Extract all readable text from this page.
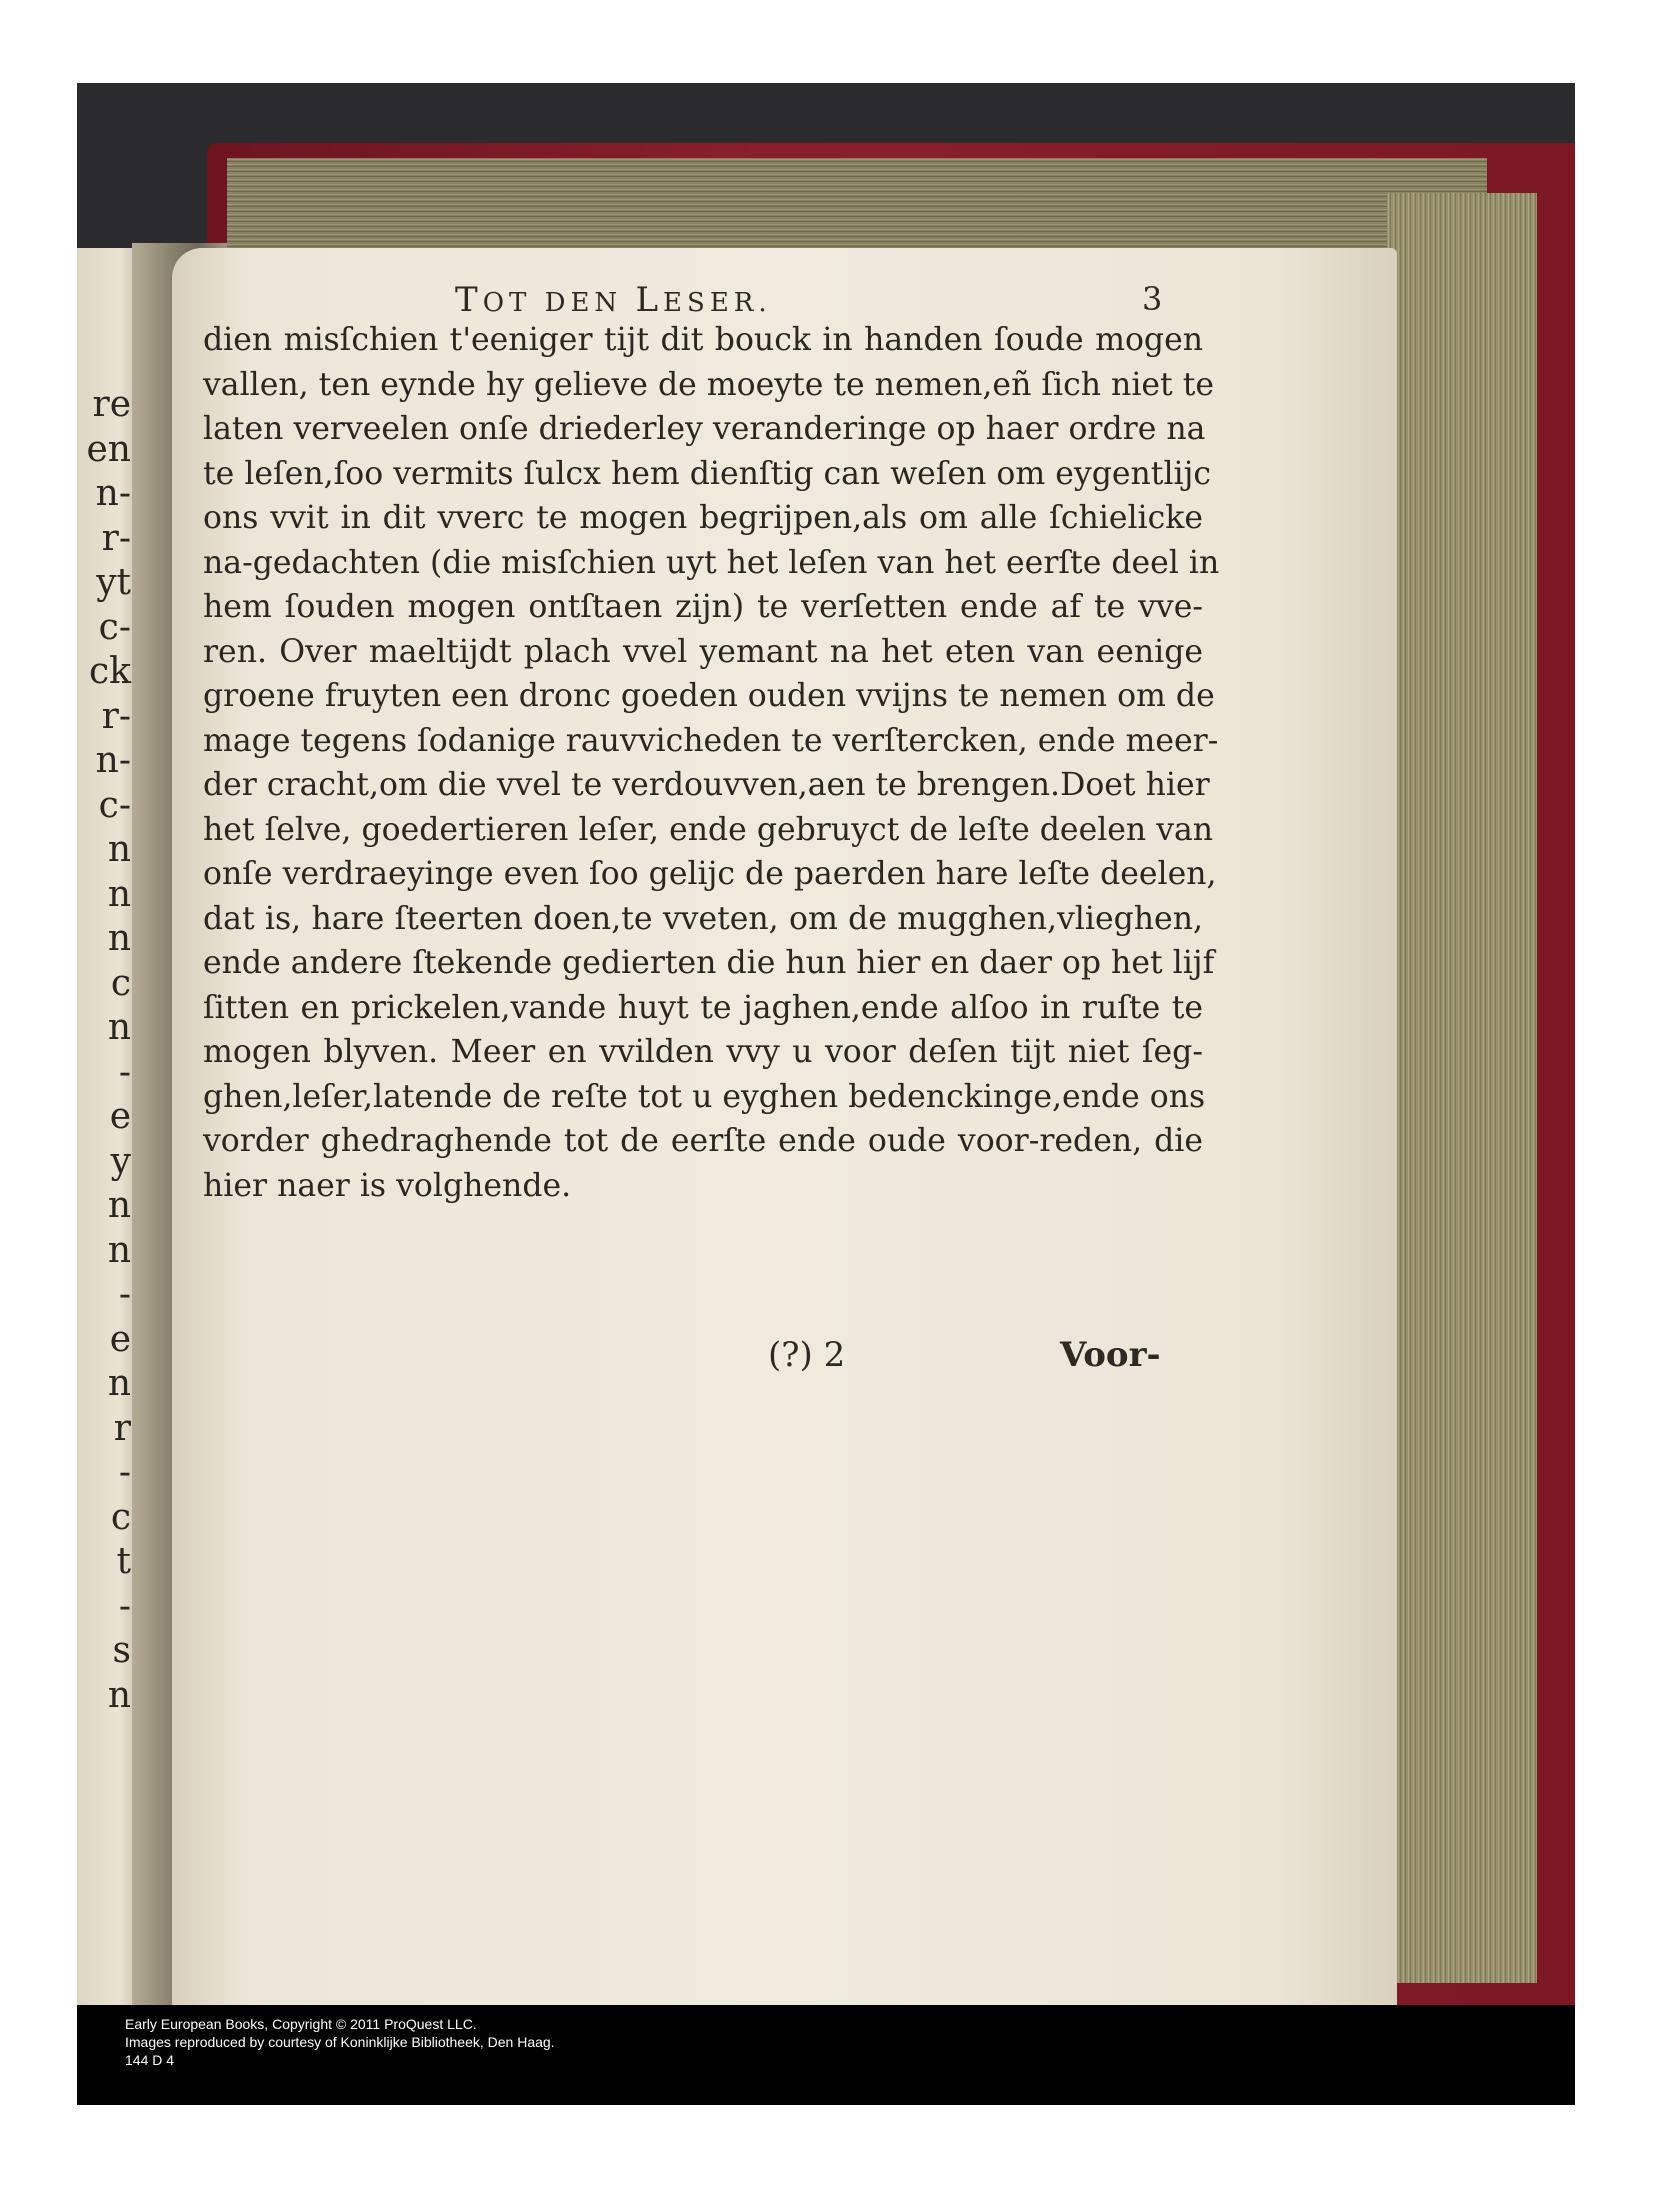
re
en
n-
r-
yt
c-
ck
r-
n-
c-
n
n
n
c
n
-
e
y
n
n
-
e
n
r
-
c
t
-
s
n
TOT DEN LESER.	3
dien misſchien t'eeniger tijt dit bouck in handen ſoude mogen
vallen, ten eynde hy gelieve de moeyte te nemen,eñ ſich niet te
laten verveelen onſe driederley veranderinge op haer ordre na
te leſen,ſoo vermits ſulcx hem dienſtig can weſen om eygentlijc
ons vvit in dit vverc te mogen begrijpen,als om alle ſchielicke
na-gedachten (die misſchien uyt het leſen van het eerſte deel in
hem ſouden mogen ontſtaen zijn) te verſetten ende af te vve-
ren. Over maeltijdt plach vvel yemant na het eten van eenige
groene fruyten een dronc goeden ouden vvijns te nemen om de
mage tegens ſodanige rauvvicheden te verſtercken, ende meer-
der cracht,om die vvel te verdouvven,aen te brengen.Doet hier
het ſelve, goedertieren leſer, ende gebruyct de leſte deelen van
onſe verdraeyinge even ſoo gelijc de paerden hare leſte deelen,
dat is, hare ſteerten doen,te vveten, om de mugghen,vlieghen,
ende andere ſtekende gedierten die hun hier en daer op het lijf
ſitten en prickelen,vande huyt te jaghen,ende alſoo in ruſte te
mogen blyven. Meer en vvilden vvy u voor deſen tijt niet ſeg-
ghen,leſer,latende de reſte tot u eyghen bedenckinge,ende ons
vorder ghedraghende tot de eerſte ende oude voor-reden, die
hier naer is volghende.
(?) 2	Voor-
Early European Books, Copyright © 2011 ProQuest LLC.
Images reproduced by courtesy of Koninklijke Bibliotheek, Den Haag.
144 D 4
